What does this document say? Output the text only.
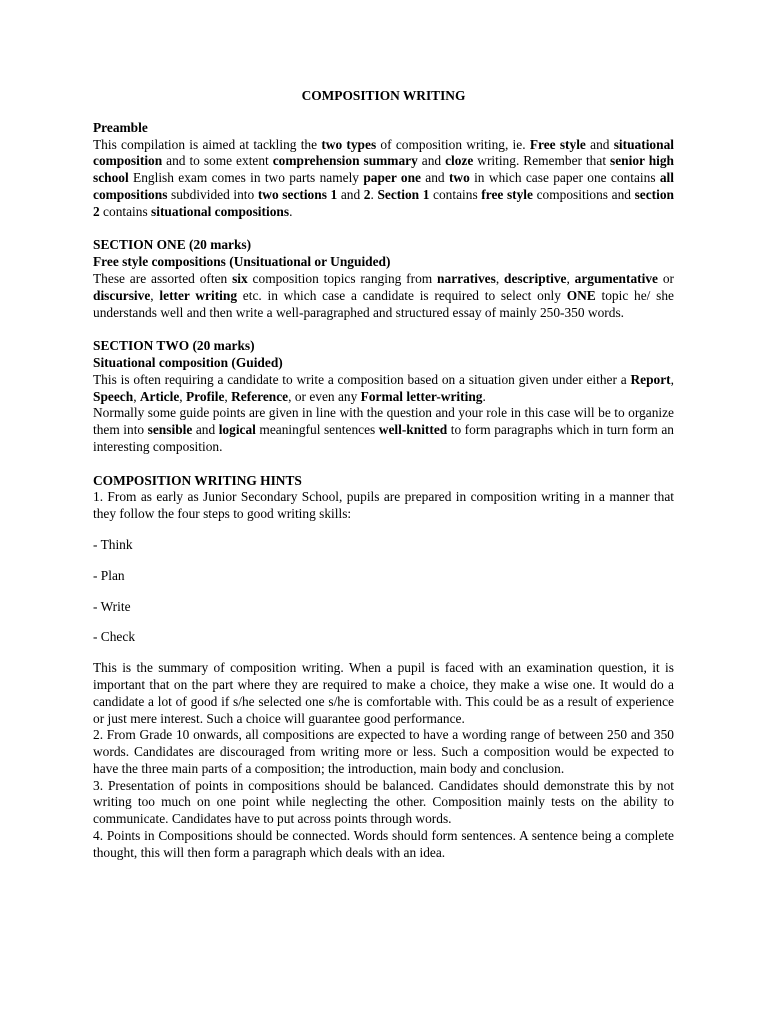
COMPOSITION WRITING
Preamble

This compilation is aimed at tackling the two types of composition writing, ie. Free style and situational composition and to some extent comprehension summary and cloze writing. Remember that senior high school English exam comes in two parts namely paper one and two in which case paper one contains all compositions subdivided into two sections 1 and 2. Section 1 contains free style compositions and section 2 contains situational compositions.

SECTION ONE (20 marks)
Free style compositions (Unsituational or Unguided)

These are assorted often six composition topics ranging from narratives, descriptive, argumentative or discursive, letter writing etc. in which case a candidate is required to select only ONE topic he/ she understands well and then write a well-paragraphed and structured essay of mainly 250-350 words.

SECTION TWO (20 marks)
Situational composition (Guided)

This is often requiring a candidate to write a composition based on a situation given under either a Report, Speech, Article, Profile, Reference, or even any Formal letter-writing.

Normally some guide points are given in line with the question and your role in this case will be to organize them into sensible and logical meaningful sentences well-knitted to form paragraphs which in turn form an interesting composition.

COMPOSITION WRITING HINTS

1. From as early as Junior Secondary School, pupils are prepared in composition writing in a manner that they follow the four steps to good writing skills:

- Think

- Plan

- Write

- Check

This is the summary of composition writing. When a pupil is faced with an examination question, it is important that on the part where they are required to make a choice, they make a wise one. It would do a candidate a lot of good if s/he selected one s/he is comfortable with. This could be as a result of experience or just mere interest. Such a choice will guarantee good performance.

2. From Grade 10 onwards, all compositions are expected to have a wording range of between 250 and 350 words. Candidates are discouraged from writing more or less. Such a composition would be expected to have the three main parts of a composition; the introduction, main body and conclusion.

3. Presentation of points in compositions should be balanced. Candidates should demonstrate this by not writing too much on one point while neglecting the other. Composition mainly tests on the ability to communicate. Candidates have to put across points through words.

4. Points in Compositions should be connected. Words should form sentences. A sentence being a complete thought, this will then form a paragraph which deals with an idea.
